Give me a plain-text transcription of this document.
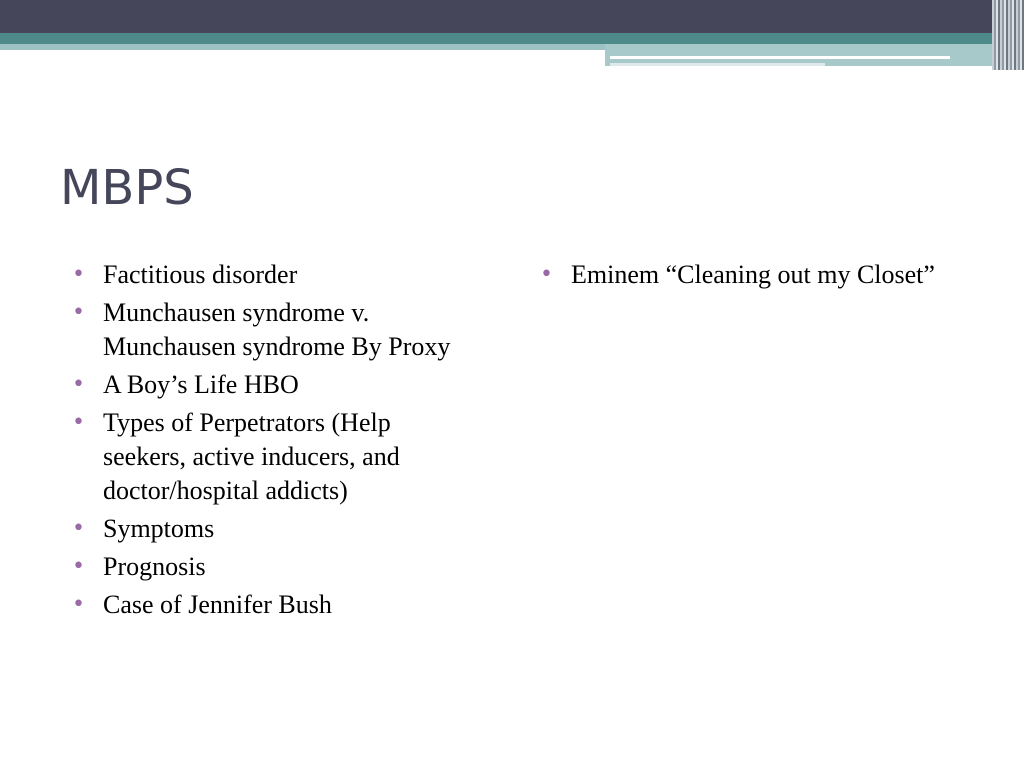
MBPS
• Factitious disorder
• Munchausen syndrome v. Munchausen syndrome By Proxy
• A Boy’s Life HBO
• Types of Perpetrators (Help seekers, active inducers, and doctor/hospital addicts)
• Symptoms
• Prognosis
• Case of Jennifer Bush
• Eminem “Cleaning out my Closet”
